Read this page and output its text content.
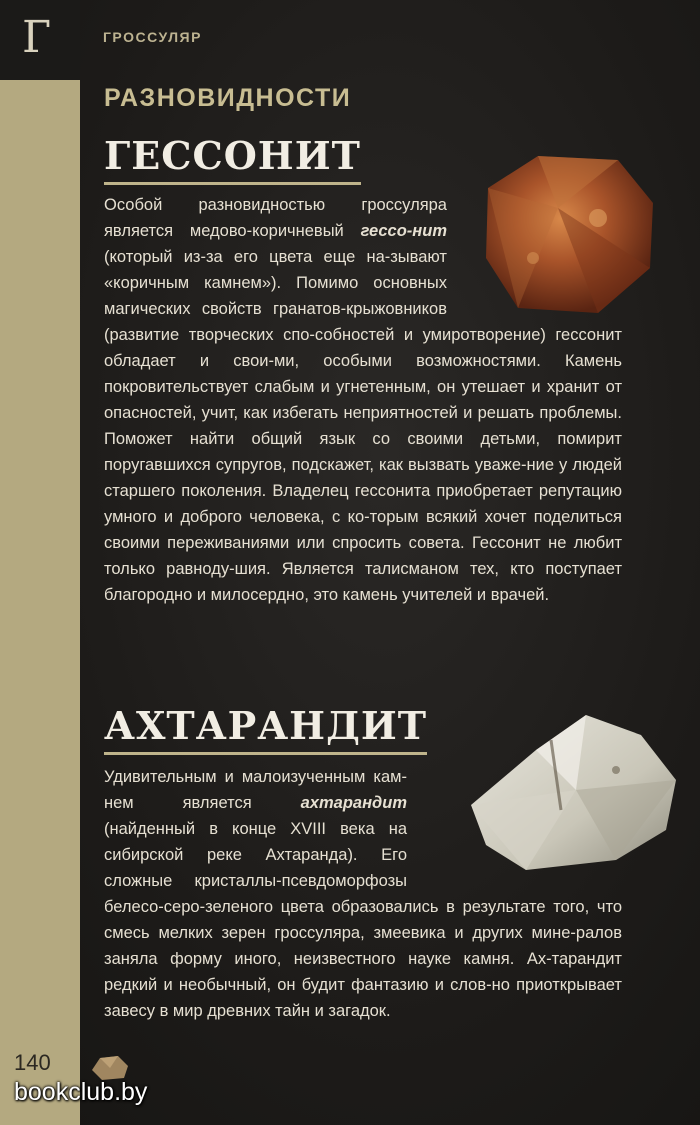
Г	ГРОССУЛЯР
РАЗНОВИДНОСТИ
ГЕССОНИТ
Особой разновидностью гроссуляра является медово-коричневый гессо-нит (который из-за его цвета еще на-зывают «коричным камнем»). Помимо основных магических свойств гранатов-крыжовников (развитие творческих спо-собностей и умиротворение) гессонит обладает и свои-ми, особыми возможностями. Камень покровительствует слабым и угнетенным, он утешает и хранит от опасностей, учит, как избегать неприятностей и решать проблемы. Поможет найти общий язык со своими детьми, помирит поругавшихся супругов, подскажет, как вызвать уваже-ние у людей старшего поколения. Владелец гессонита приобретает репутацию умного и доброго человека, с ко-торым всякий хочет поделиться своими переживаниями или спросить совета. Гессонит не любит только равноду-шия. Является талисманом тех, кто поступает благородно и милосердно, это камень учителей и врачей.
АХТАРАНДИТ
Удивительным и малоизученным кам-нем является ахтарандит (найденный в конце XVIII века на сибирской реке Ахтаранда). Его сложные кристаллы-псевдоморфозы белесо-серо-зеленого цвета образовались в результате того, что смесь мелких зерен гроссуляра, змеевика и других мине-ралов заняла форму иного, неизвестного науке камня. Ах-тарандит редкий и необычный, он будит фантазию и слов-но приоткрывает завесу в мир древних тайн и загадок.
140
bookclub.by
